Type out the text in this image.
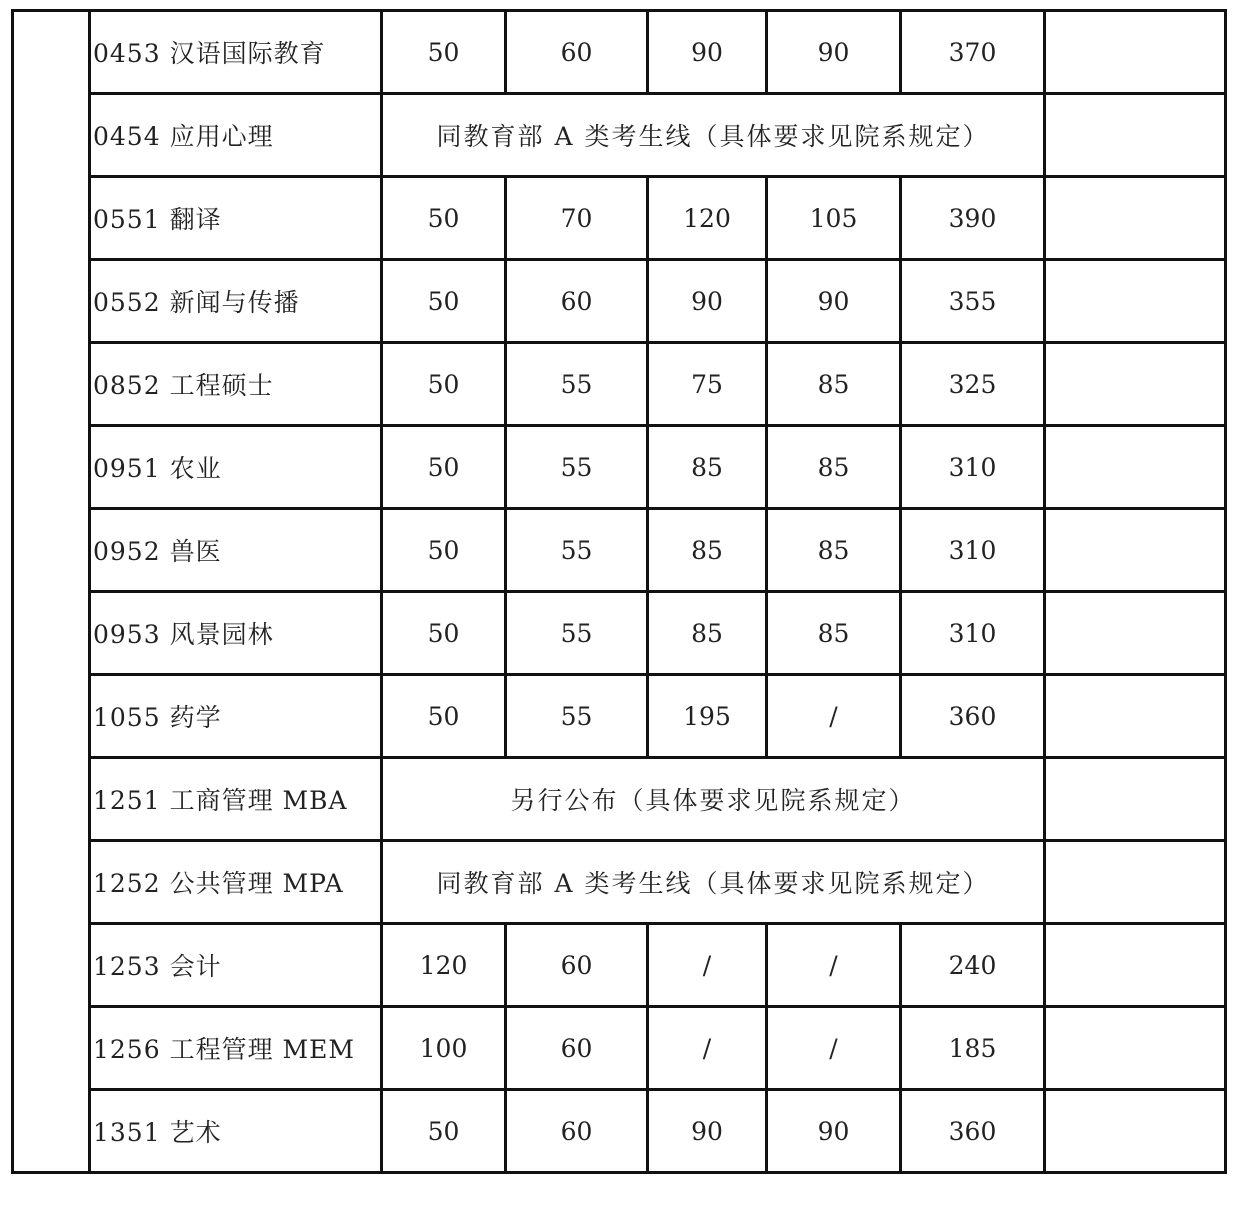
	0453 汉语国际教育	50	60	90	90	370	
	0454 应用心理	同教育部 A 类考生线（具体要求见院系规定）					
	0551 翻译	50	70	120	105	390	
	0552 新闻与传播	50	60	90	90	355	
	0852 工程硕士	50	55	75	85	325	
	0951 农业	50	55	85	85	310	
	0952 兽医	50	55	85	85	310	
	0953 风景园林	50	55	85	85	310	
	1055 药学	50	55	195	/	360	
	1251 工商管理 MBA	另行公布（具体要求见院系规定）					
	1252 公共管理 MPA	同教育部 A 类考生线（具体要求见院系规定）					
	1253 会计	120	60	/	/	240	
	1256 工程管理 MEM	100	60	/	/	185	
	1351 艺术	50	60	90	90	360	
